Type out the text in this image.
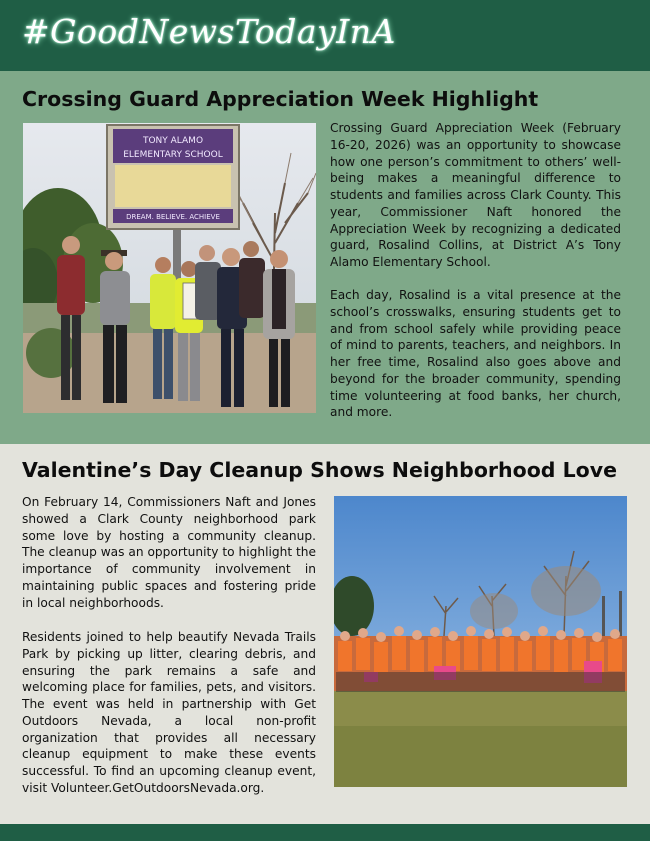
#GoodNewsTodayInA
Crossing Guard Appreciation Week Highlight
TONY ALAMO
ELEMENTARY SCHOOL
DREAM. BELIEVE. ACHIEVE
Crossing Guard Appreciation Week (February 16-20, 2026) was an opportunity to showcase how one person’s commitment to others’ well-being makes a meaningful difference to students and families across Clark County. This year, Commissioner Naft honored the Appreciation Week by recognizing a dedicated guard, Rosalind Collins, at District A’s Tony Alamo Elementary School.
Each day, Rosalind is a vital presence at the school’s crosswalks, ensuring students get to and from school safely while providing peace of mind to parents, teachers, and neighbors. In her free time, Rosalind also goes above and beyond for the broader community, spending time volunteering at food banks, her church, and more.
Valentine’s Day Cleanup Shows Neighborhood Love
On February 14, Commissioners Naft and Jones showed a Clark County neighborhood park some love by hosting a community cleanup. The cleanup was an opportunity to highlight the importance of community involvement in maintaining public spaces and fostering pride in local neighborhoods.
Residents joined to help beautify Nevada Trails Park by picking up litter, clearing debris, and ensuring the park remains a safe and welcoming place for families, pets, and visitors. The event was held in partnership with Get Outdoors Nevada, a local non-profit organization that provides all necessary cleanup equipment to make these events successful. To find an upcoming cleanup event, visit Volunteer.GetOutdoorsNevada.org.
